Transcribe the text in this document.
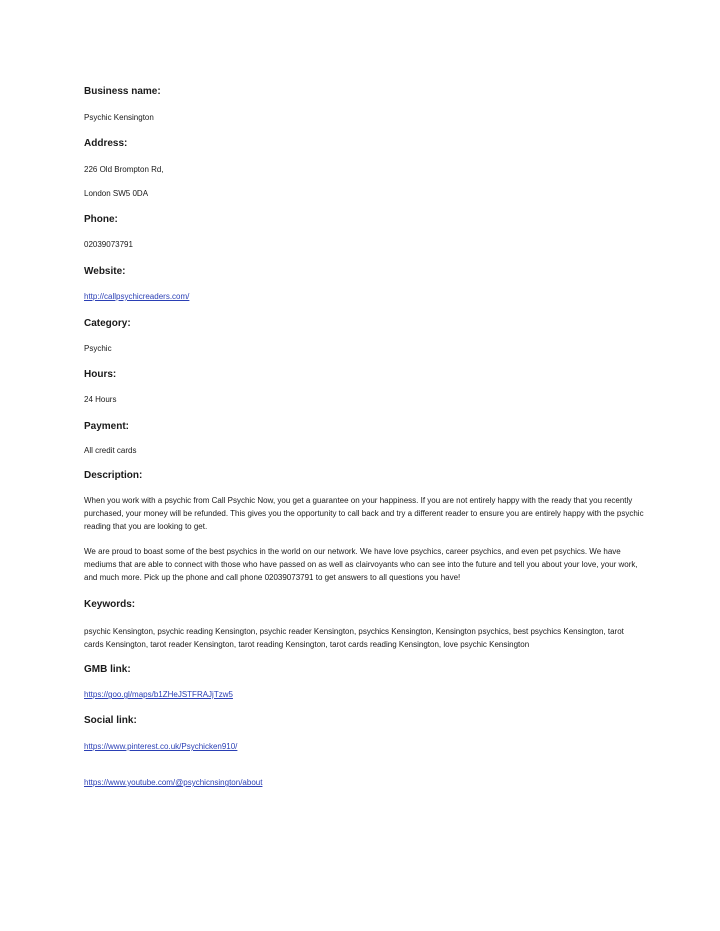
Business name:
Psychic Kensington
Address:
226 Old Brompton Rd,
London SW5 0DA
Phone:
02039073791
Website:
http://callpsychicreaders.com/
Category:
Psychic
Hours:
24 Hours
Payment:
All credit cards
Description:
When you work with a psychic from Call Psychic Now, you get a guarantee on your happiness. If you are not entirely happy with the ready that you recently purchased, your money will be refunded. This gives you the opportunity to call back and try a different reader to ensure you are entirely happy with the psychic reading that you are looking to get.
We are proud to boast some of the best psychics in the world on our network. We have love psychics, career psychics, and even pet psychics. We have mediums that are able to connect with those who have passed on as well as clairvoyants who can see into the future and tell you about your love, your work, and much more. Pick up the phone and call phone 02039073791 to get answers to all questions you have!
Keywords:
psychic Kensington, psychic reading Kensington, psychic reader Kensington, psychics Kensington, Kensington psychics, best psychics Kensington, tarot cards Kensington, tarot reader Kensington, tarot reading Kensington, tarot cards reading Kensington, love psychic Kensington
GMB link:
https://goo.gl/maps/b1ZHeJSTFRAJjTzw5
Social link:
https://www.pinterest.co.uk/Psychicken910/
https://www.youtube.com/@psychicnsington/about
